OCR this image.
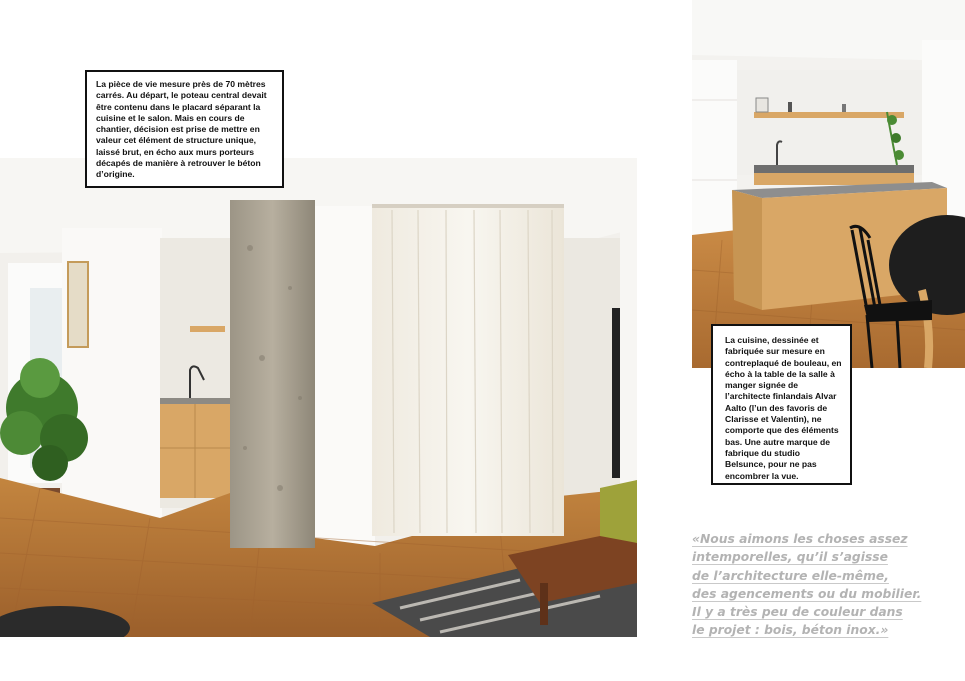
La pièce de vie mesure près de 70 mètres carrés. Au départ, le poteau central devait être contenu dans le placard séparant la cuisine et le salon. Mais en cours de chantier, décision est prise de mettre en valeur cet élément de structure unique, laissé brut, en écho aux murs porteurs décapés de manière à retrouver le béton d’origine.
La cuisine, dessinée et fabriquée sur mesure en contreplaqué de bouleau, en écho à la table de la salle à manger signée de l’architecte finlandais Alvar Aalto (l’un des favoris de Clarisse et Valentin), ne comporte que des éléments bas. Une autre marque de fabrique du studio Belsunce, pour ne pas encombrer la vue.
«Nous aimons les choses assez
intemporelles, qu’il s’agisse
de l’architecture elle-même,
des agencements ou du mobilier.
Il y a très peu de couleur dans
le projet : bois, béton inox.»
